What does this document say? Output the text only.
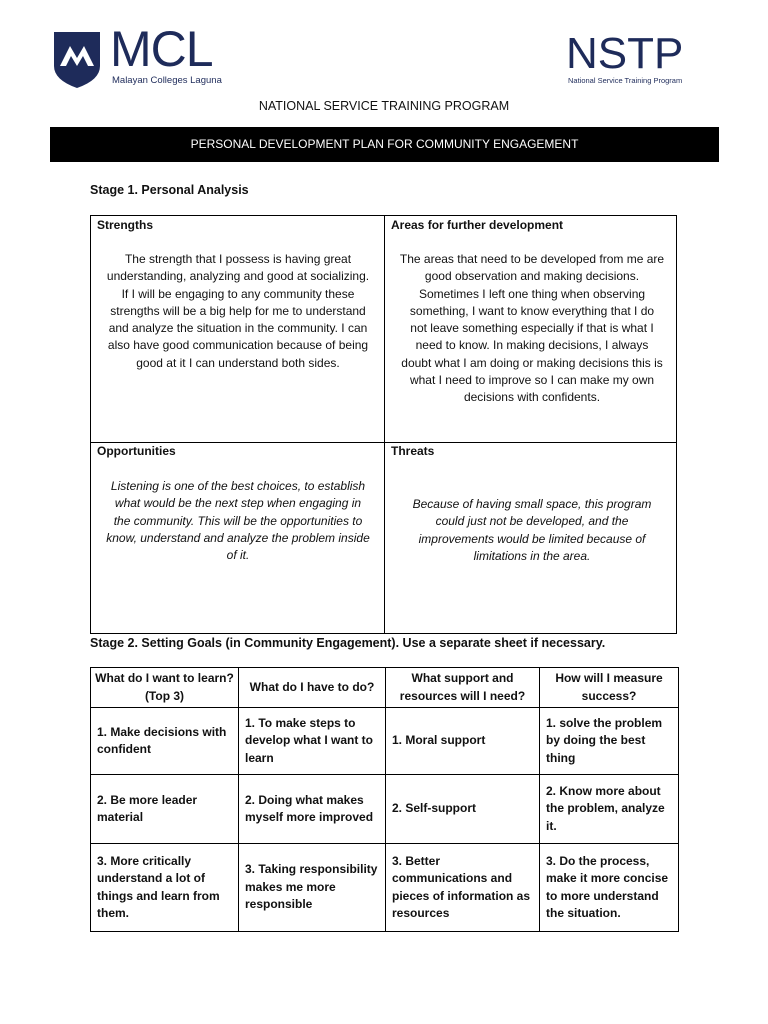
MCL
Malayan Colleges Laguna
NSTP
National Service Training Program
NATIONAL SERVICE TRAINING PROGRAM
PERSONAL DEVELOPMENT PLAN FOR COMMUNITY ENGAGEMENT
Stage 1. Personal Analysis
Strengths
The strength that I possess is having great
understanding, analyzing and good at socializing.
If I will be engaging to any community these
strengths will be a big help for me to understand
and analyze the situation in the community. I can
also have good communication because of being
good at it I can understand both sides.
Areas for further development
The areas that need to be developed from me are
good observation and making decisions.
Sometimes I left one thing when observing
something, I want to know everything that I do
not leave something especially if that is what I
need to know. In making decisions, I always
doubt what I am doing or making decisions this is
what I need to improve so I can make my own
decisions with confidents.
Opportunities
Listening is one of the best choices, to establish
what would be the next step when engaging in
the community. This will be the opportunities to
know, understand and analyze the problem inside
of it.
Threats
Because of having small space, this program
could just not be developed, and the
improvements would be limited because of
limitations in the area.
Stage 2. Setting Goals (in Community Engagement). Use a separate sheet if necessary.
What do I want to learn? (Top 3)	What do I have to do?	What support and resources will I need?	How will I measure success?
1. Make decisions with confident	1. To make steps to develop what I want to learn	1. Moral support	1. solve the problem by doing the best thing
2. Be more leader material	2. Doing what makes myself more improved	2. Self-support	2. Know more about the problem, analyze it.
3. More critically understand a lot of things and learn from them.	3. Taking responsibility makes me more responsible	3. Better communications and pieces of information as resources	3. Do the process, make it more concise to more understand the situation.
